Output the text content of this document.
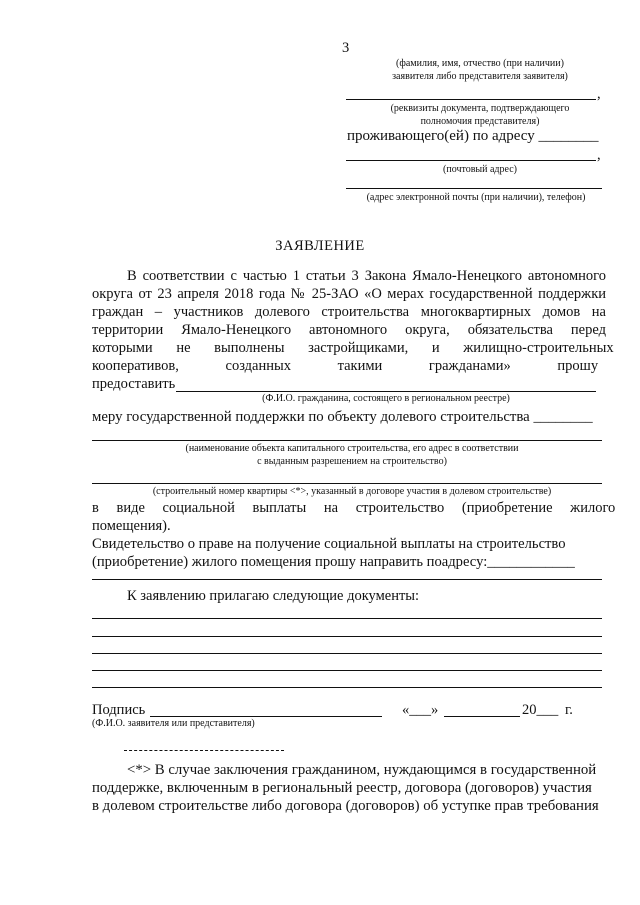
3
(фамилия, имя, отчество (при наличии)
заявителя либо представителя заявителя)
,
(реквизиты документа, подтверждающего
полномочия представителя)
проживающего(ей) по адресу ________
,
(почтовый адрес)
(адрес электронной почты (при наличии), телефон)
ЗАЯВЛЕНИЕ
В соответствии с частью 1 статьи 3 Закона Ямало-Ненецкого автономного
округа от 23 апреля 2018 года № 25-ЗАО «О мерах государственной поддержки
граждан – участников долевого строительства многоквартирных домов на
территории Ямало-Ненецкого автономного округа, обязательства перед
которыми не выполнены застройщиками, и жилищно-строительных
кооперативов, созданных такими гражданами» прошу
предоставить
(Ф.И.О. гражданина, состоящего в региональном реестре)
меру государственной поддержки по объекту долевого строительства ________
(наименование объекта капитального строительства, его адрес в соответствии
с выданным разрешением на строительство)
(строительный номер квартиры <*>, указанный в договоре участия в долевом строительстве)
в виде социальной выплаты на строительство (приобретение жилого
помещения).
Свидетельство о праве на получение социальной выплаты на строительство
(приобретение) жилого помещения прошу направить поадресу:____________
К заявлению прилагаю следующие документы:
Подпись	«___»	20___ г.
(Ф.И.О. заявителя или представителя)
<*> В случае заключения гражданином, нуждающимся в государственной
поддержке, включенным в региональный реестр, договора (договоров) участия
в долевом строительстве либо договора (договоров) об уступке прав требования
